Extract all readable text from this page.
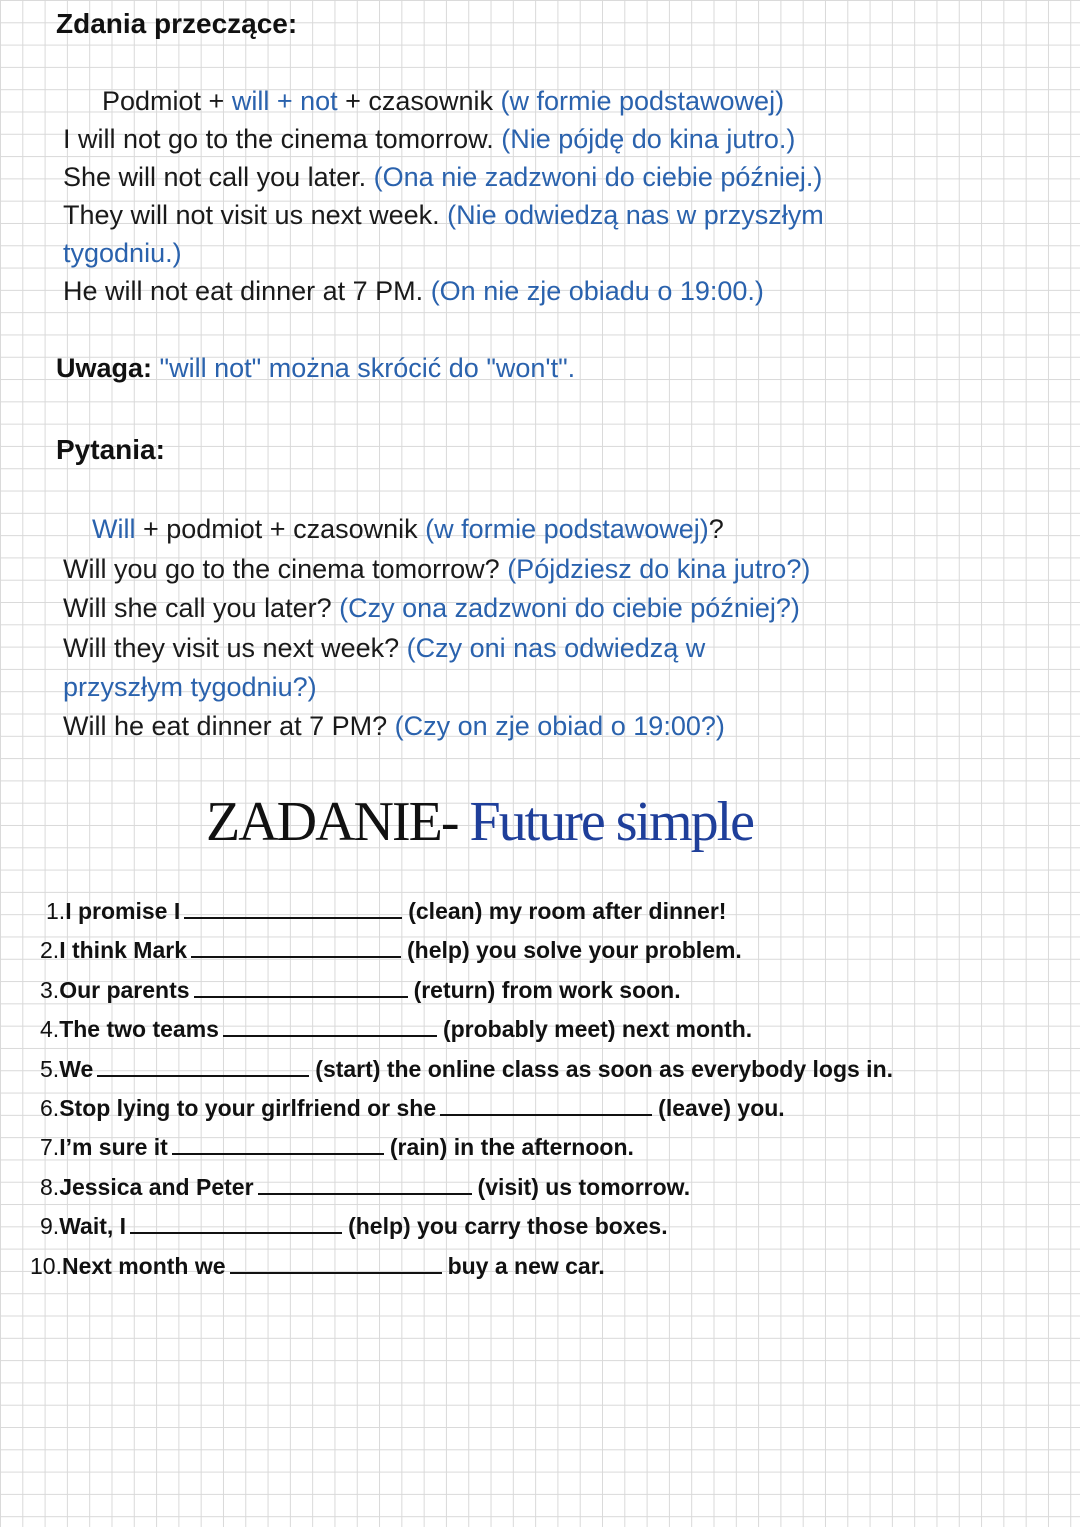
Zdania przeczące:
Podmiot + will + not + czasownik (w formie podstawowej)
I will not go to the cinema tomorrow. (Nie pójdę do kina jutro.)
She will not call you later. (Ona nie zadzwoni do ciebie później.)
They will not visit us next week. (Nie odwiedzą nas w przyszłym
tygodniu.)
He will not eat dinner at 7 PM. (On nie zje obiadu o 19:00.)
Uwaga: "will not" można skrócić do "won't".
Pytania:
Will + podmiot + czasownik (w formie podstawowej)?
Will you go to the cinema tomorrow? (Pójdziesz do kina jutro?)
Will she call you later? (Czy ona zadzwoni do ciebie później?)
Will they visit us next week? (Czy oni nas odwiedzą w
przyszłym tygodniu?)
Will he eat dinner at 7 PM? (Czy on zje obiad o 19:00?)
ZADANIE- Future simple
1.I promise I	(clean) my room after dinner!
2.I think Mark	(help) you solve your problem.
3.Our parents	(return) from work soon.
4.The two teams	(probably meet) next month.
5.We	(start) the online class as soon as everybody logs in.
6.Stop lying to your girlfriend or she	(leave) you.
7.I’m sure it	(rain) in the afternoon.
8.Jessica and Peter	(visit) us tomorrow.
9.Wait, I	(help) you carry those boxes.
10.Next month we	buy a new car.
